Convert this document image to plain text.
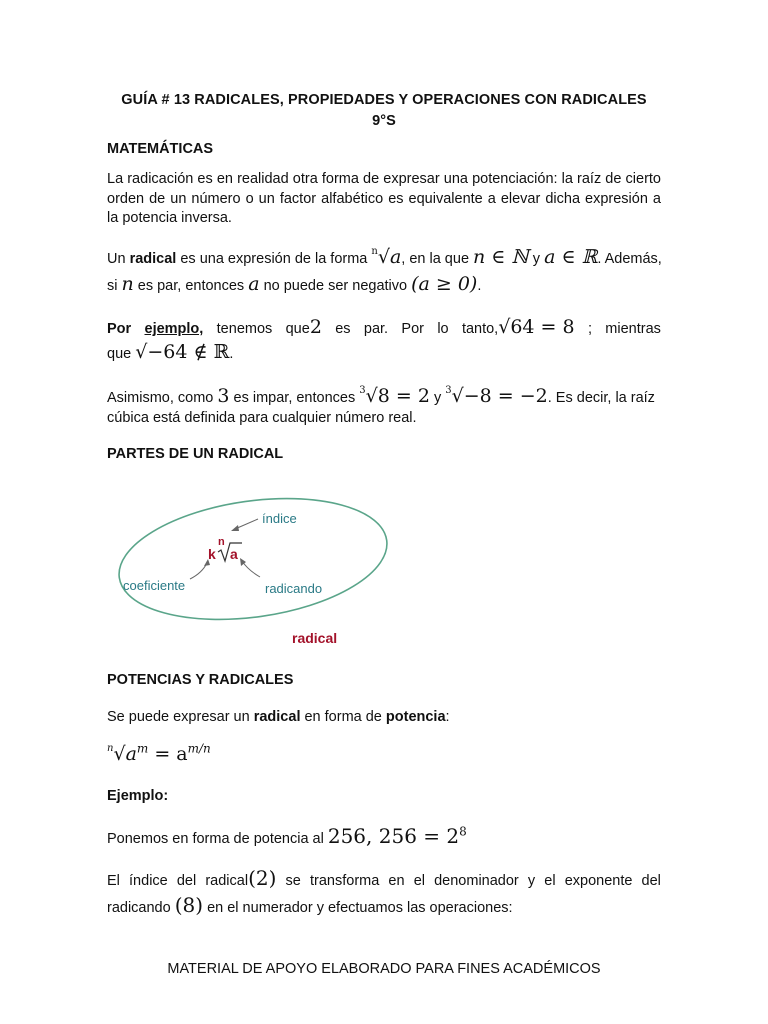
GUÍA # 13 RADICALES, PROPIEDADES Y OPERACIONES CON RADICALES
9°S
MATEMÁTICAS
La radicación es en realidad otra forma de expresar una potenciación: la raíz de cierto orden de un número o un factor alfabético es equivalente a elevar dicha expresión a la potencia inversa.
Un radical es una expresión de la forma $^n$√a, en la que n ∈ ℕ y a ∈ ℝ. Además,
si n es par, entonces a no puede ser negativo (a ≥ 0).
Por ejemplo, tenemos que2 es par. Por lo tanto,√64 = 8 ; mientras
que √−64 ∉ ℝ.
Asimismo, como 3 es impar, entonces $^3$√8 = 2 y $^3$√−8 = −2. Es decir, la raíz
cúbica está definida para cualquier número real.
PARTES DE UN RADICAL
índice
n
k a
coeficiente	radicando
radical
POTENCIAS Y RADICALES
Se puede expresar un radical en forma de potencia:
$^n√a^m = a^{m/n}$
Ejemplo:
Ponemos en forma de potencia al 256, $256 = 2^8$
El índice del radical(2) se transforma en el denominador y el exponente del
radicando (8) en el numerador y efectuamos las operaciones:
MATERIAL DE APOYO ELABORADO PARA FINES ACADÉMICOS
